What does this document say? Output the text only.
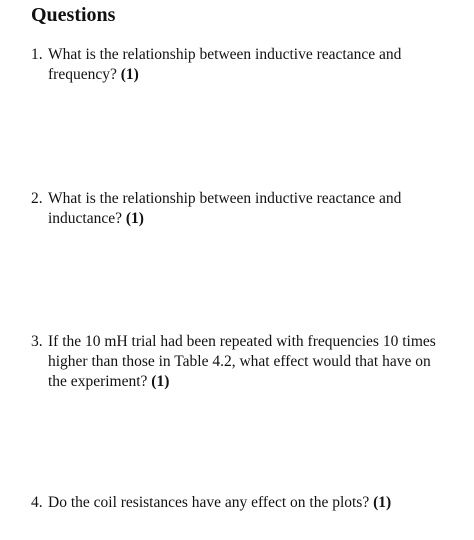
Questions
1. What is the relationship between inductive reactance and frequency? (1)
2. What is the relationship between inductive reactance and inductance? (1)
3. If the 10 mH trial had been repeated with frequencies 10 times higher than those in Table 4.2, what effect would that have on the experiment? (1)
4. Do the coil resistances have any effect on the plots? (1)
